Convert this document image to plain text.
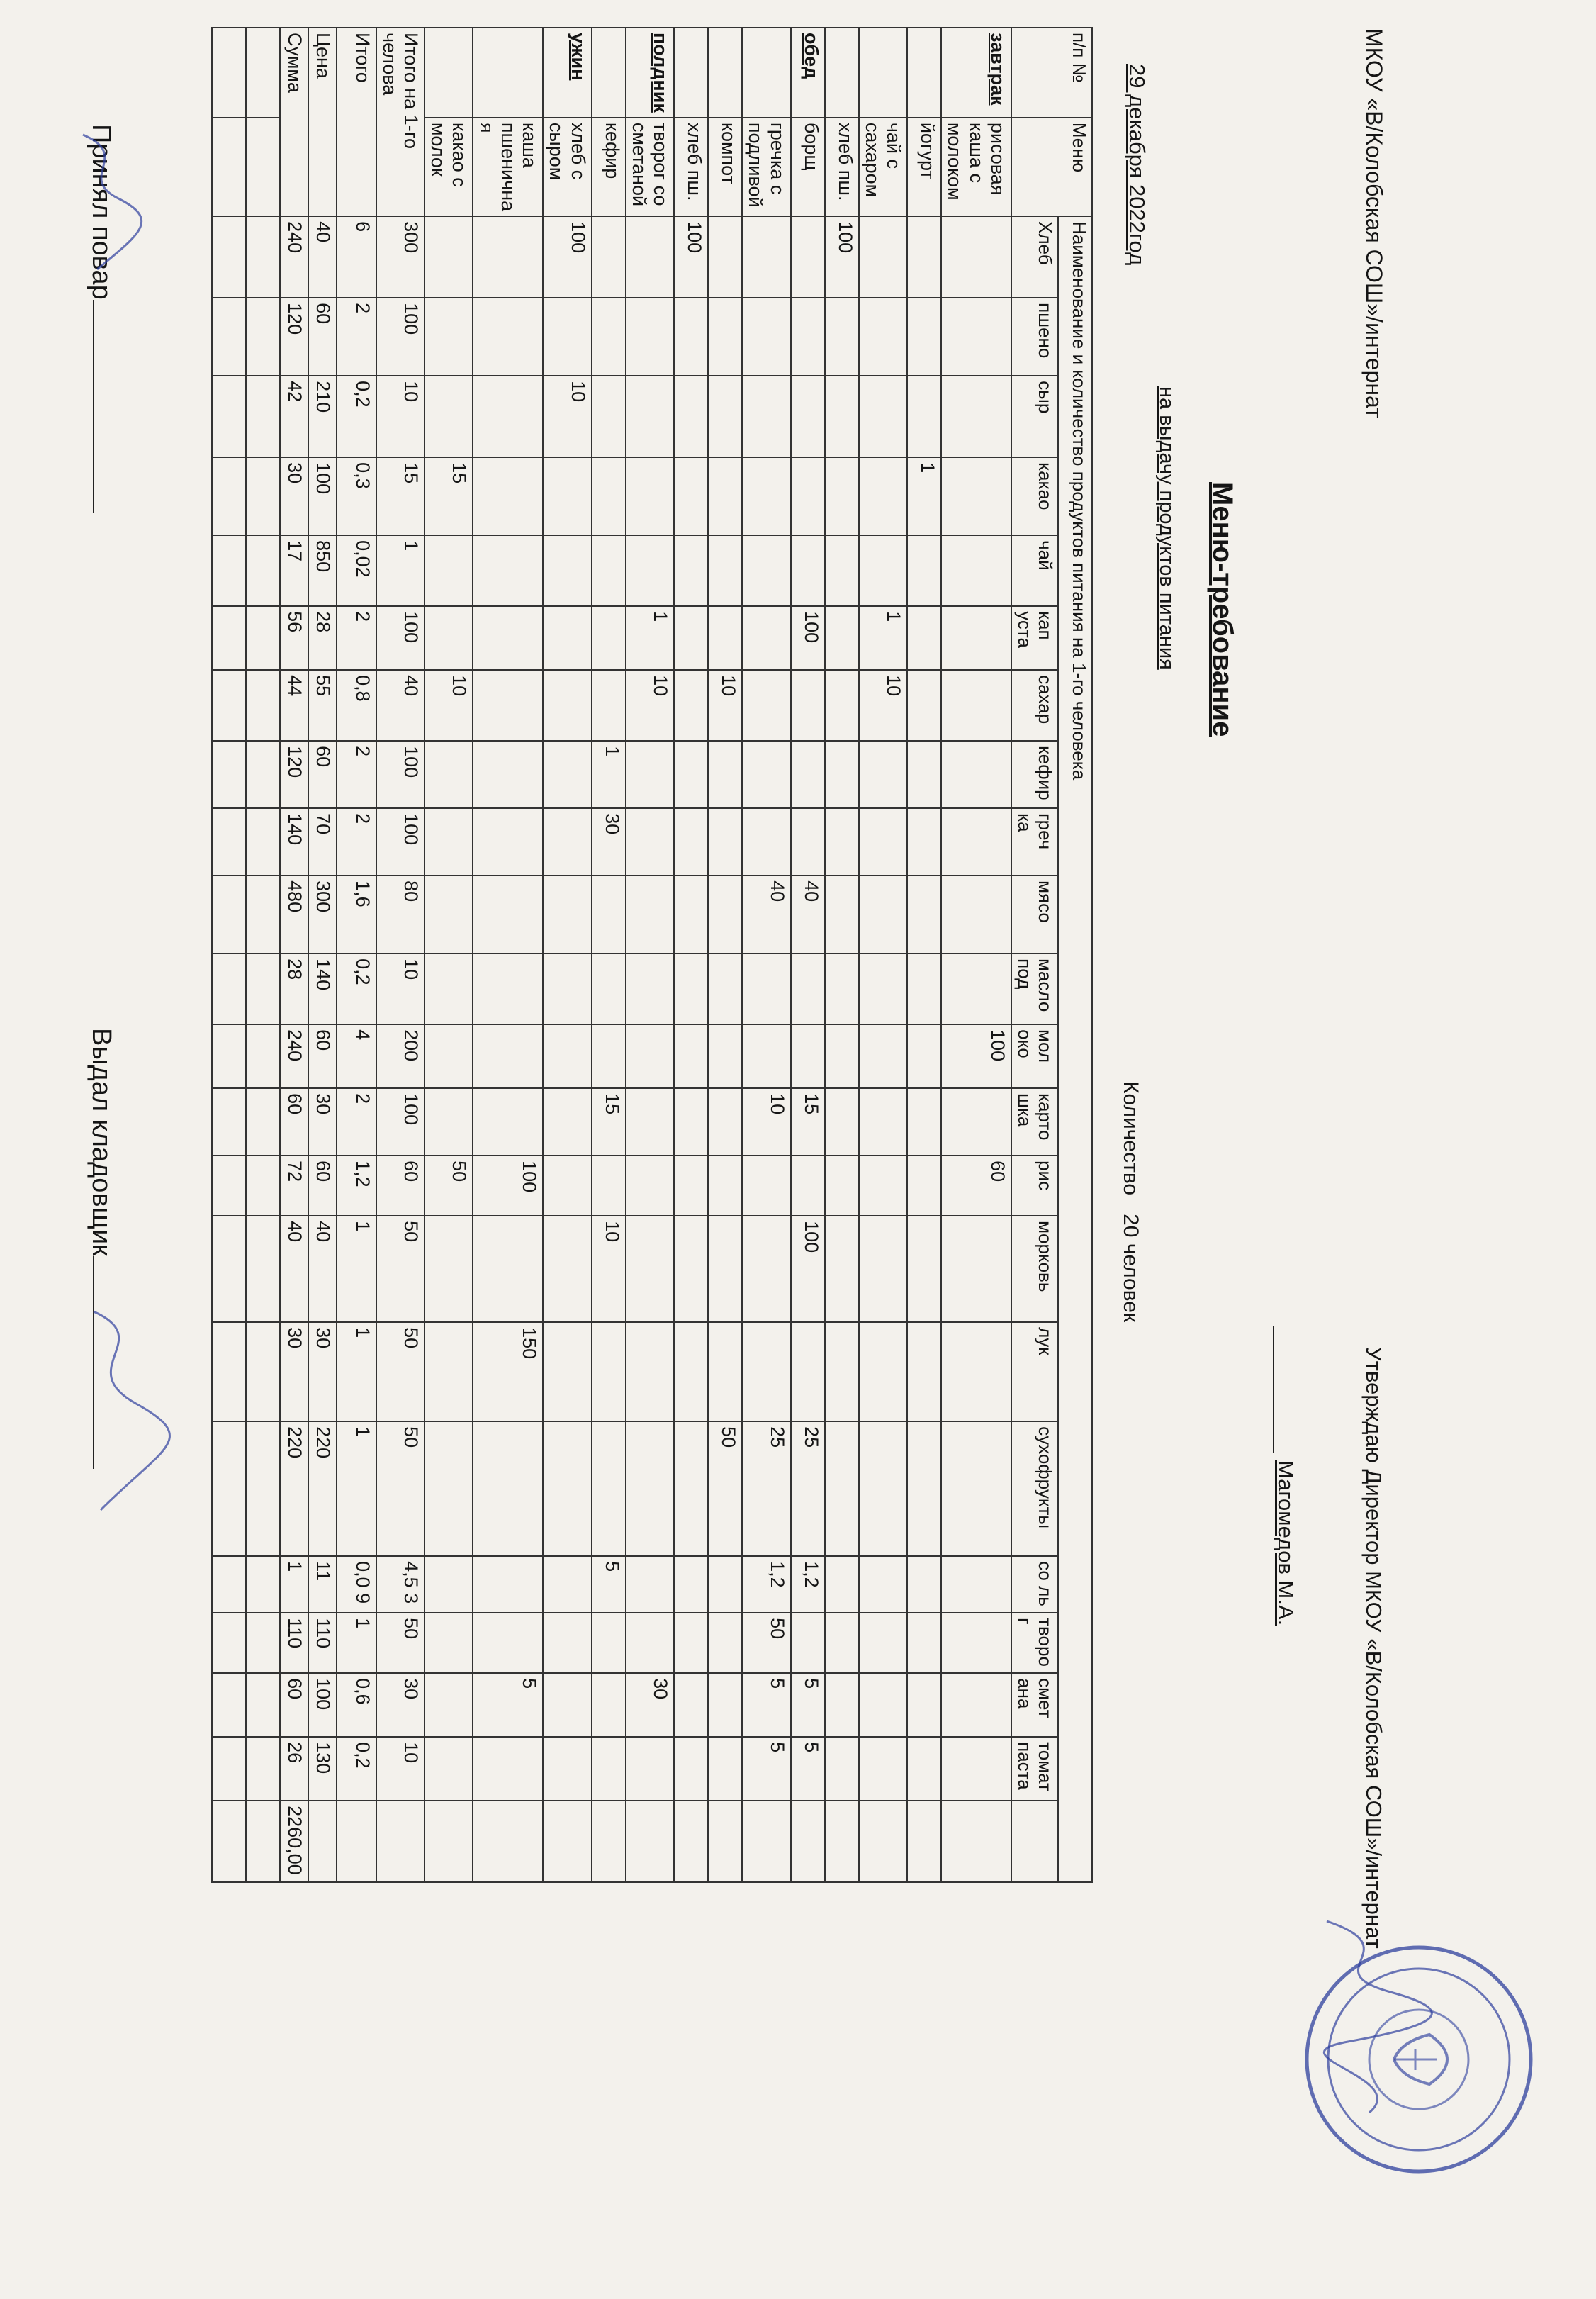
МКОУ «В/Колобская СОШ»/интернат
Утверждаю Директор МКОУ «В/Колобская СОШ»/интернат
Магомедов М.А.
Меню-требование
на выдачу продуктов питания
29 декабря 2022год
Количество20 человек
п/п №	Меню	Наименование и количество продуктов питания на 1-го человека																					
		Хлеб	пшено	сыр	какао	чай	кап уста	сахар	кефир	греч ка	мясо	масло под	мол око	карто шка	рис	морковь	лук	сухофрукты	со ль	творо г	смет ана	томат паста	
завтрак	рисовая каша с молоком												100		60								
	йогурт				1																		
	чай с сахаром						1	10															
	хлеб пш.	100																					
обед	борщ						100				40			15		100		25	1,2		5	5	
	гречка с подливой										40			10				25	1,2	50	5	5	
	компот							10										50					
	хлеб пш.	100																					
полдник	творог со сметаной						1	10													30		
	кефир								1	30				15		10			5				
ужин	хлеб с сыром	100		10																			
	каша пшенична я														100		150				5		
	какао с молок				15			10							50								
Итого на 1-го челова		300	100	10	15	1	100	40	100	100	80	10	200	100	60	50	50	50	4,5 3	50	30	10	
Итого		6	2	0,2	0,3	0,02	2	0,8	2	2	1,6	0,2	4	2	1,2	1	1	1	0,0 9	1	0,6	0,2	
Цена		40	60	210	100	850	28	55	60	70	300	140	60	30	60	40	30	220	11	110	100	130	
Сумма		240	120	42	30	17	56	44	120	140	480	28	240	60	72	40	30	220	1	110	60	26	2260,00

Принял повар
Выдал кладовщик
